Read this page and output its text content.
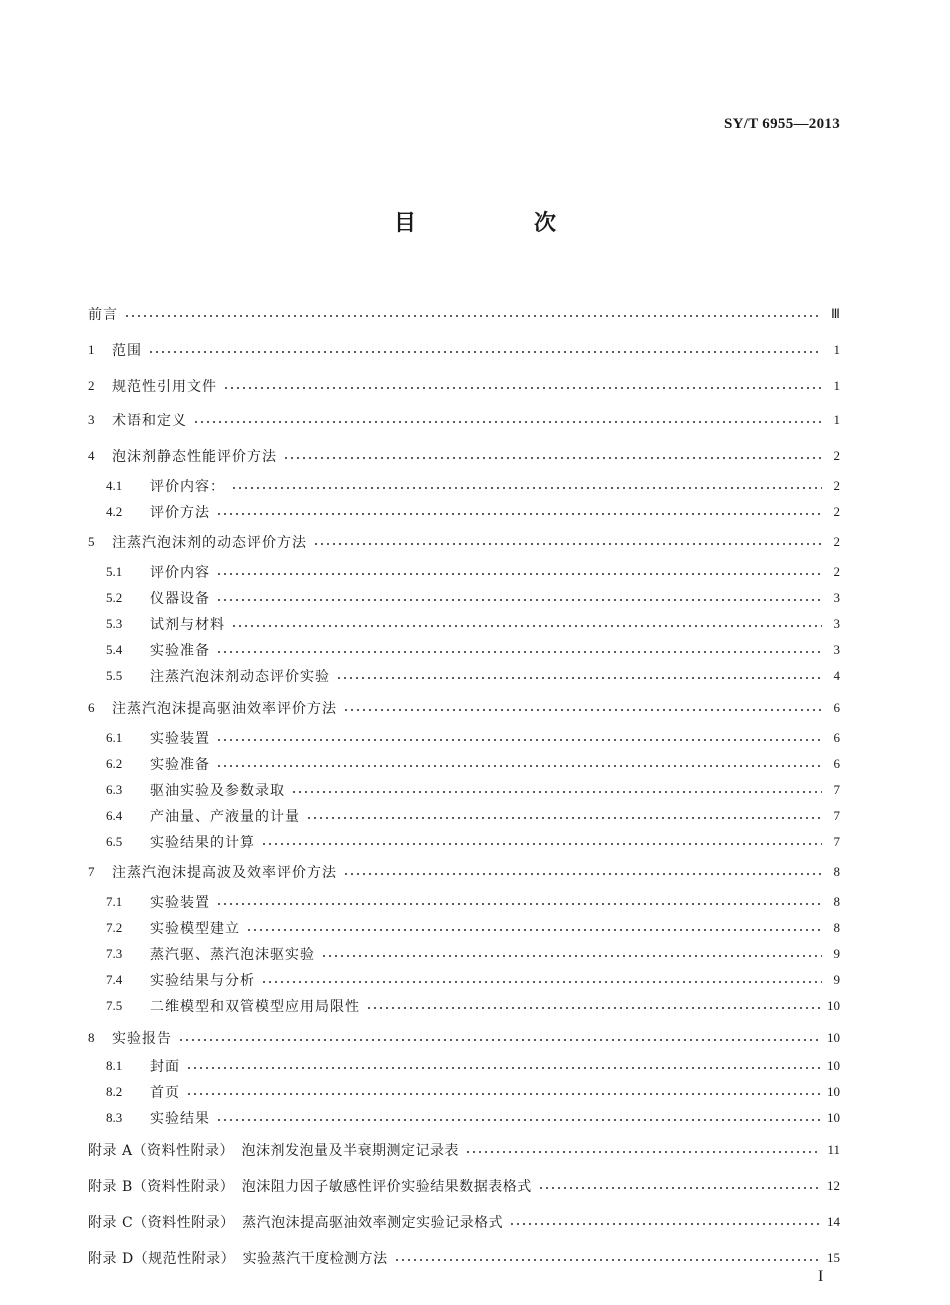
SY/T 6955—2013
目　次
前言	Ⅲ
1	范围	1
2	规范性引用文件	1
3	术语和定义	1
4	泡沫剂静态性能评价方法	2
4.1	评价内容：	2
4.2	评价方法	2
5	注蒸汽泡沫剂的动态评价方法	2
5.1	评价内容	2
5.2	仪器设备	3
5.3	试剂与材料	3
5.4	实验准备	3
5.5	注蒸汽泡沫剂动态评价实验	4
6	注蒸汽泡沫提高驱油效率评价方法	6
6.1	实验装置	6
6.2	实验准备	6
6.3	驱油实验及参数录取	7
6.4	产油量、产液量的计量	7
6.5	实验结果的计算	7
7	注蒸汽泡沫提高波及效率评价方法	8
7.1	实验装置	8
7.2	实验模型建立	8
7.3	蒸汽驱、蒸汽泡沫驱实验	9
7.4	实验结果与分析	9
7.5	二维模型和双管模型应用局限性	10
8	实验报告	10
8.1	封面	10
8.2	首页	10
8.3	实验结果	10
附录 A（资料性附录）　泡沫剂发泡量及半衰期测定记录表	11
附录 B（资料性附录）　泡沫阻力因子敏感性评价实验结果数据表格式	12
附录 C（资料性附录）　蒸汽泡沫提高驱油效率测定实验记录格式	14
附录 D（规范性附录）　实验蒸汽干度检测方法	15
I
